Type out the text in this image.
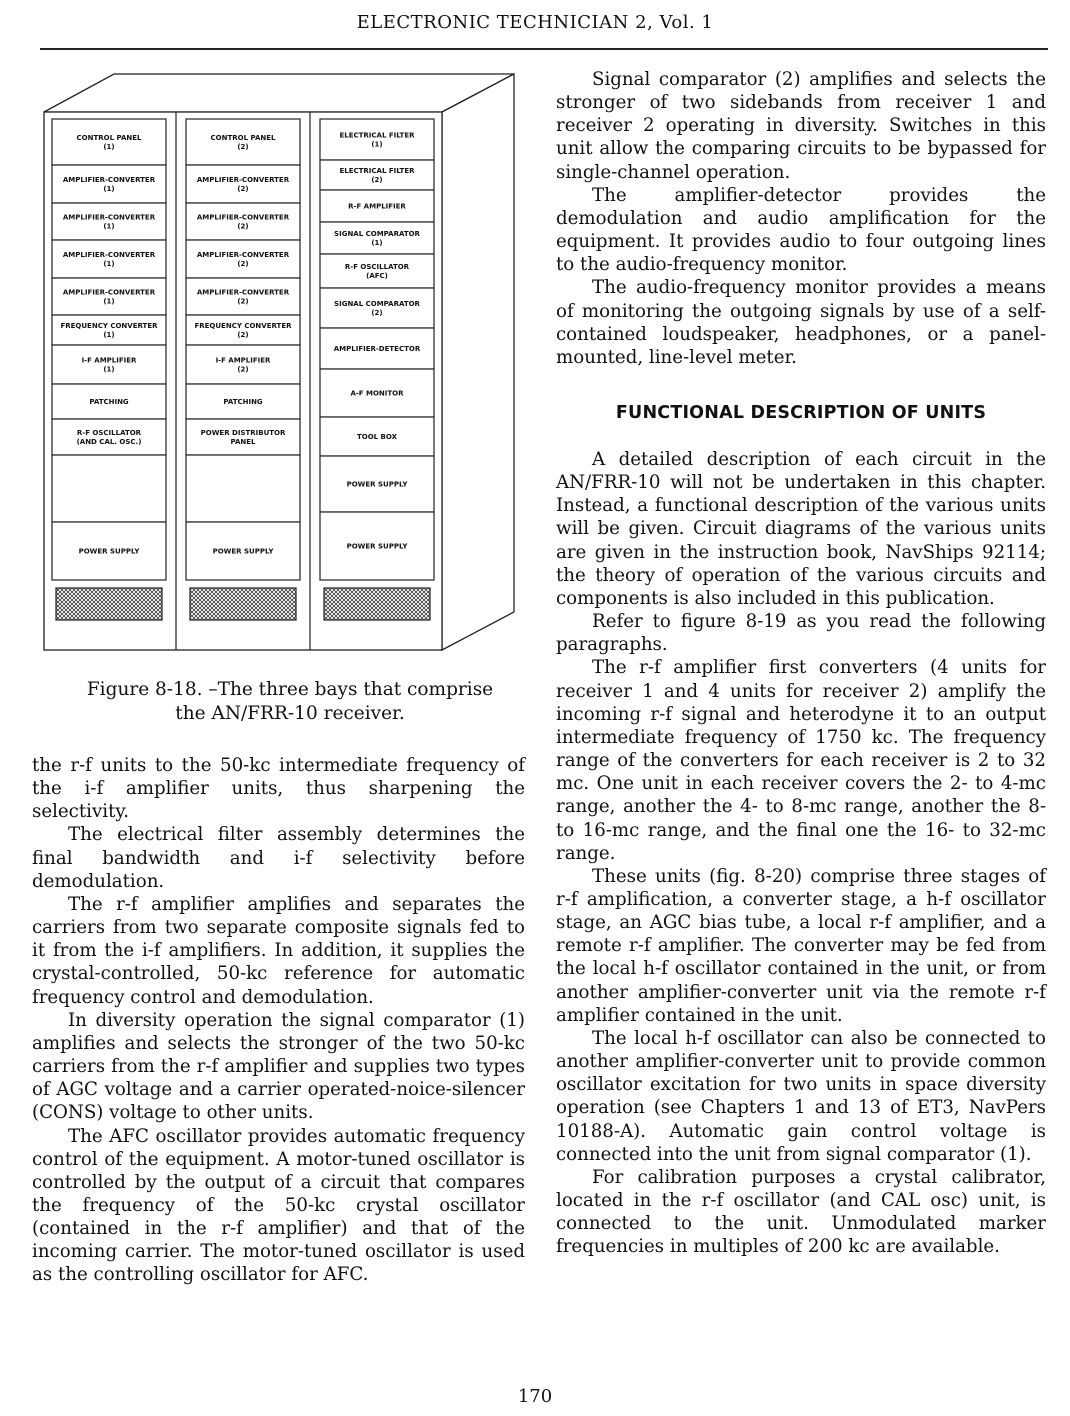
ELECTRONIC TECHNICIAN 2, Vol. 1
CONTROL PANEL
(1)
AMPLIFIER-CONVERTER
(1)
AMPLIFIER-CONVERTER
(1)
AMPLIFIER-CONVERTER
(1)
AMPLIFIER-CONVERTER
(1)
FREQUENCY CONVERTER
(1)
I-F AMPLIFIER
(1)
PATCHING
R-F OSCILLATOR
(AND CAL. OSC.)
POWER SUPPLY
CONTROL PANEL
(2)
AMPLIFIER-CONVERTER
(2)
AMPLIFIER-CONVERTER
(2)
AMPLIFIER-CONVERTER
(2)
AMPLIFIER-CONVERTER
(2)
FREQUENCY CONVERTER
(2)
I-F AMPLIFIER
(2)
PATCHING
POWER DISTRIBUTOR
PANEL
POWER SUPPLY
ELECTRICAL FILTER
(1)
ELECTRICAL FILTER
(2)
R-F AMPLIFIER
SIGNAL COMPARATOR
(1)
R-F OSCILLATOR
(AFC)
SIGNAL COMPARATOR
(2)
AMPLIFIER-DETECTOR
A-F MONITOR
TOOL BOX
POWER SUPPLY
POWER SUPPLY
Figure 8-18. –The three bays that comprise
the AN/FRR-10 receiver.

the r-f units to the 50-kc intermediate frequency of the i-f amplifier units, thus sharpening the selectivity.

The electrical filter assembly determines the final bandwidth and i-f selectivity before demodulation.

The r-f amplifier amplifies and separates the carriers from two separate composite signals fed to it from the i-f amplifiers. In addition, it supplies the crystal-controlled, 50-kc reference for automatic frequency control and demodulation.

In diversity operation the signal comparator (1) amplifies and selects the stronger of the two 50-kc carriers from the r-f amplifier and supplies two types of AGC voltage and a carrier operated-noice-silencer (CONS) voltage to other units.

The AFC oscillator provides automatic frequency control of the equipment. A motor-tuned oscillator is controlled by the output of a circuit that compares the frequency of the 50-kc crystal oscillator (contained in the r-f amplifier) and that of the incoming carrier. The motor-tuned oscillator is used as the controlling oscillator for AFC.

Signal comparator (2) amplifies and selects the stronger of two sidebands from receiver 1 and receiver 2 operating in diversity. Switches in this unit allow the comparing circuits to be bypassed for single-channel operation.

The amplifier-detector provides the demodulation and audio amplification for the equipment. It provides audio to four outgoing lines to the audio-frequency monitor.

The audio-frequency monitor provides a means of monitoring the outgoing signals by use of a self-contained loudspeaker, headphones, or a panel-mounted, line-level meter.

FUNCTIONAL DESCRIPTION OF UNITS

A detailed description of each circuit in the AN/FRR-10 will not be undertaken in this chapter. Instead, a functional description of the various units will be given. Circuit diagrams of the various units are given in the instruction book, NavShips 92114; the theory of operation of the various circuits and components is also included in this publication.

Refer to figure 8-19 as you read the following paragraphs.

The r-f amplifier first converters (4 units for receiver 1 and 4 units for receiver 2) amplify the incoming r-f signal and heterodyne it to an output intermediate frequency of 1750 kc. The frequency range of the converters for each receiver is 2 to 32 mc. One unit in each receiver covers the 2- to 4-mc range, another the 4- to 8-mc range, another the 8- to 16-mc range, and the final one the 16- to 32-mc range.

These units (fig. 8-20) comprise three stages of r-f amplification, a converter stage, a h-f oscillator stage, an AGC bias tube, a local r-f amplifier, and a remote r-f amplifier. The converter may be fed from the local h-f oscillator contained in the unit, or from another amplifier-converter unit via the remote r-f amplifier contained in the unit.

The local h-f oscillator can also be connected to another amplifier-converter unit to provide common oscillator excitation for two units in space diversity operation (see Chapters 1 and 13 of ET3, NavPers 10188-A). Automatic gain control voltage is connected into the unit from signal comparator (1).

For calibration purposes a crystal calibrator, located in the r-f oscillator (and CAL osc) unit, is connected to the unit. Unmodulated marker frequencies in multiples of 200 kc are available.

170
